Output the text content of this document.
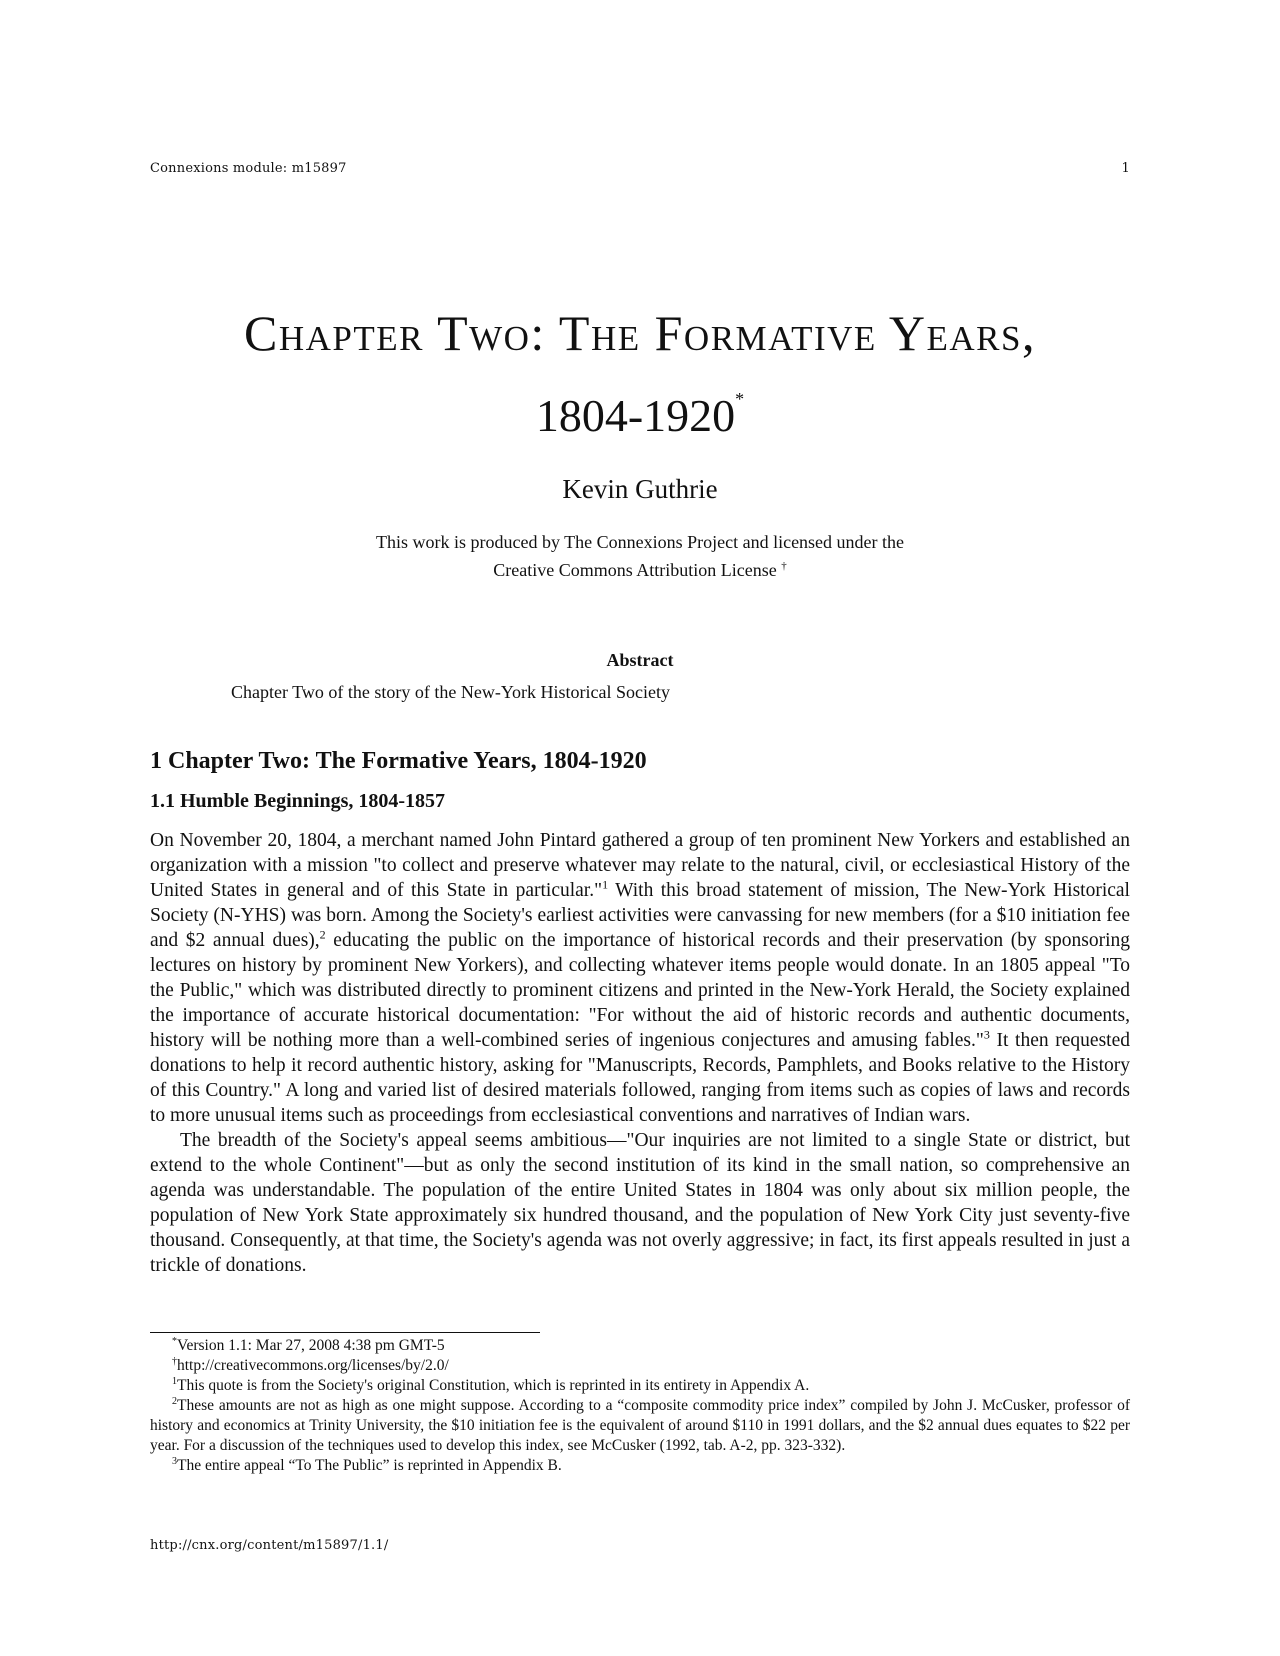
Connexions module: m15897	1
Chapter Two: The Formative Years,
1804-1920*
Kevin Guthrie
This work is produced by The Connexions Project and licensed under the
Creative Commons Attribution License †
Abstract
Chapter Two of the story of the New-York Historical Society
1 Chapter Two: The Formative Years, 1804-1920
1.1 Humble Beginnings, 1804-1857

On November 20, 1804, a merchant named John Pintard gathered a group of ten prominent New Yorkers and established an organization with a mission "to collect and preserve whatever may relate to the natural, civil, or ecclesiastical History of the United States in general and of this State in particular."$^1$ With this broad statement of mission, The New-York Historical Society (N-YHS) was born. Among the Society's earliest activities were canvassing for new members (for a $10 initiation fee and $2 annual dues),$^2$ educating the public on the importance of historical records and their preservation (by sponsoring lectures on history by prominent New Yorkers), and collecting whatever items people would donate. In an 1805 appeal "To the Public," which was distributed directly to prominent citizens and printed in the New-York Herald, the Society explained the importance of accurate historical documentation: "For without the aid of historic records and authentic documents, history will be nothing more than a well-combined series of ingenious conjectures and amusing fables."$^3$ It then requested donations to help it record authentic history, asking for "Manuscripts, Records, Pamphlets, and Books relative to the History of this Country." A long and varied list of desired materials followed, ranging from items such as copies of laws and records to more unusual items such as proceedings from ecclesiastical conventions and narratives of Indian wars.

The breadth of the Society's appeal seems ambitious—"Our inquiries are not limited to a single State or district, but extend to the whole Continent"—but as only the second institution of its kind in the small nation, so comprehensive an agenda was understandable. The population of the entire United States in 1804 was only about six million people, the population of New York State approximately six hundred thousand, and the population of New York City just seventy-five thousand. Consequently, at that time, the Society's agenda was not overly aggressive; in fact, its first appeals resulted in just a trickle of donations.

*Version 1.1: Mar 27, 2008 4:38 pm GMT-5

†http://creativecommons.org/licenses/by/2.0/

$^1$This quote is from the Society's original Constitution, which is reprinted in its entirety in Appendix A.

$^2$These amounts are not as high as one might suppose. According to a “composite commodity price index” compiled by John J. McCusker, professor of history and economics at Trinity University, the $10 initiation fee is the equivalent of around $110 in 1991 dollars, and the $2 annual dues equates to $22 per year. For a discussion of the techniques used to develop this index, see McCusker (1992, tab. A-2, pp. 323-332).

$^3$The entire appeal “To The Public” is reprinted in Appendix B.

http://cnx.org/content/m15897/1.1/
